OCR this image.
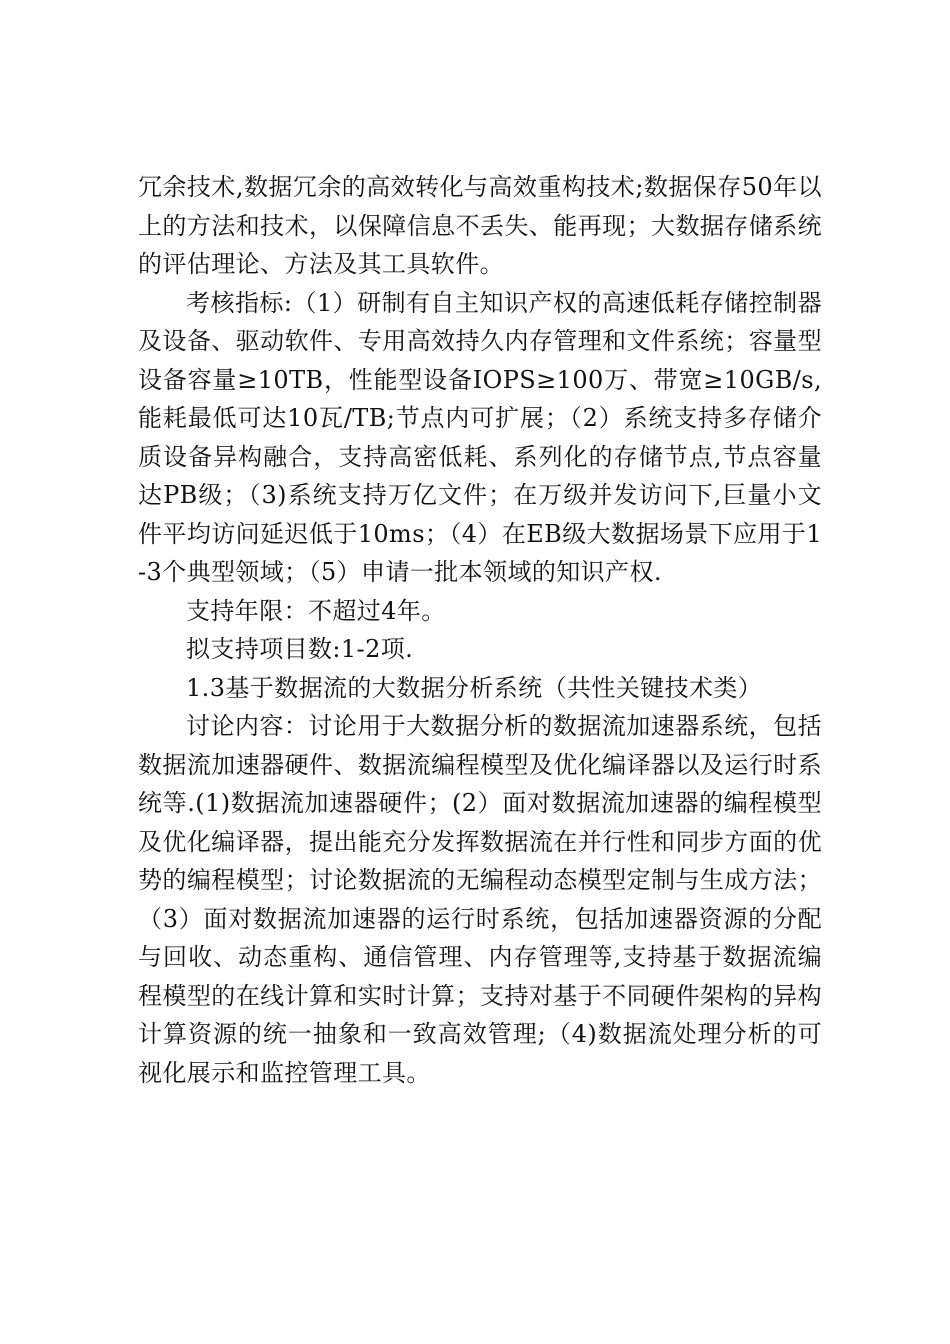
冗余技术,数据冗余的高效转化与高效重构技术;数据保存50年以上的方法和技术，以保障信息不丢失、能再现；大数据存储系统的评估理论、方法及其工具软件。

考核指标:（1）研制有自主知识产权的高速低耗存储控制器及设备、驱动软件、专用高效持久内存管理和文件系统；容量型设备容量≥10TB，性能型设备IOPS≥100万、带宽≥10GB/s,能耗最低可达10瓦/TB;节点内可扩展；（2）系统支持多存储介质设备异构融合，支持高密低耗、系列化的存储节点,节点容量达PB级；（3)系统支持万亿文件；在万级并发访问下,巨量小文件平均访问延迟低于10ms；（4）在EB级大数据场景下应用于1-3个典型领域；（5）申请一批本领域的知识产权.

支持年限：不超过4年。

拟支持项目数:1-2项.

1.3基于数据流的大数据分析系统（共性关键技术类）

讨论内容：讨论用于大数据分析的数据流加速器系统，包括数据流加速器硬件、数据流编程模型及优化编译器以及运行时系统等.(1)数据流加速器硬件；(2）面对数据流加速器的编程模型及优化编译器，提出能充分发挥数据流在并行性和同步方面的优势的编程模型；讨论数据流的无编程动态模型定制与生成方法；（3）面对数据流加速器的运行时系统，包括加速器资源的分配与回收、动态重构、通信管理、内存管理等,支持基于数据流编程模型的在线计算和实时计算；支持对基于不同硬件架构的异构计算资源的统一抽象和一致高效管理;（4)数据流处理分析的可视化展示和监控管理工具。
